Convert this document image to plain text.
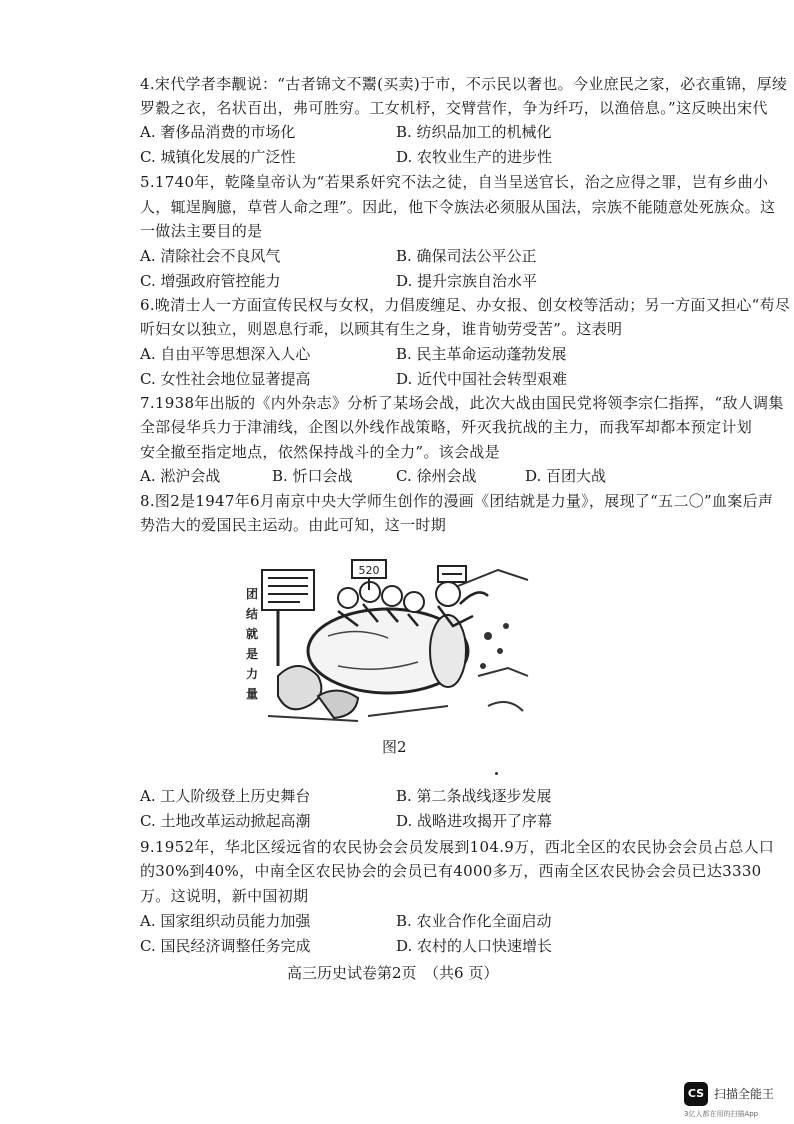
4.宋代学者李觏说：“古者锦文不鬻(买卖)于市，不示民以奢也。今业庶民之家，必衣重锦，厚绫
罗縠之衣，名状百出，弗可胜穷。工女机杼，交臂营作，争为纤巧，以渔倍息。”这反映出宋代
A. 奢侈品消费的市场化	B. 纺织品加工的机械化
C. 城镇化发展的广泛性	D. 农牧业生产的进步性
5.1740年，乾隆皇帝认为“若果系奸究不法之徒，自当呈送官长，治之应得之罪，岂有乡曲小
人，辄逞胸臆，草菅人命之理”。因此，他下令族法必须服从国法，宗族不能随意处死族众。这
一做法主要目的是
A. 清除社会不良风气	B. 确保司法公平公正
C. 增强政府管控能力	D. 提升宗族自治水平
6.晚清士人一方面宣传民权与女权，力倡废缠足、办女报、创女校等活动；另一方面又担心“苟尽
听妇女以独立，则恩息行乖，以顾其有生之身，谁肯劬劳受苦”。这表明
A. 自由平等思想深入人心	B. 民主革命运动蓬勃发展
C. 女性社会地位显著提高	D. 近代中国社会转型艰难
7.1938年出版的《内外杂志》分析了某场会战，此次大战由国民党将领李宗仁指挥，“敌人调集
全部侵华兵力于津浦线，企图以外线作战策略，歼灭我抗战的主力，而我军却都本预定计划
安全撤至指定地点，依然保持战斗的全力”。该会战是
A. 淞沪会战	B. 忻口会战	C. 徐州会战	D. 百团大战
8.图2是1947年6月南京中央大学师生创作的漫画《团结就是力量》，展现了“五二〇”血案后声
势浩大的爱国民主运动。由此可知，这一时期
团
结
就
是
力
量
520
图2
A. 工人阶级登上历史舞台	B. 第二条战线逐步发展
C. 土地改革运动掀起高潮	D. 战略进攻揭开了序幕
9.1952年，华北区绥远省的农民协会会员发展到104.9万，西北全区的农民协会会员占总人口
的30%到40%，中南全区农民协会的会员已有4000多万，西南全区农民协会会员已达3330
万。这说明，新中国初期
A. 国家组织动员能力加强	B. 农业合作化全面启动
C. 国民经济调整任务完成	D. 农村的人口快速增长
高三历史试卷第2页　（共6 页）
CS 扫描全能王
3亿人都在用的扫描App
